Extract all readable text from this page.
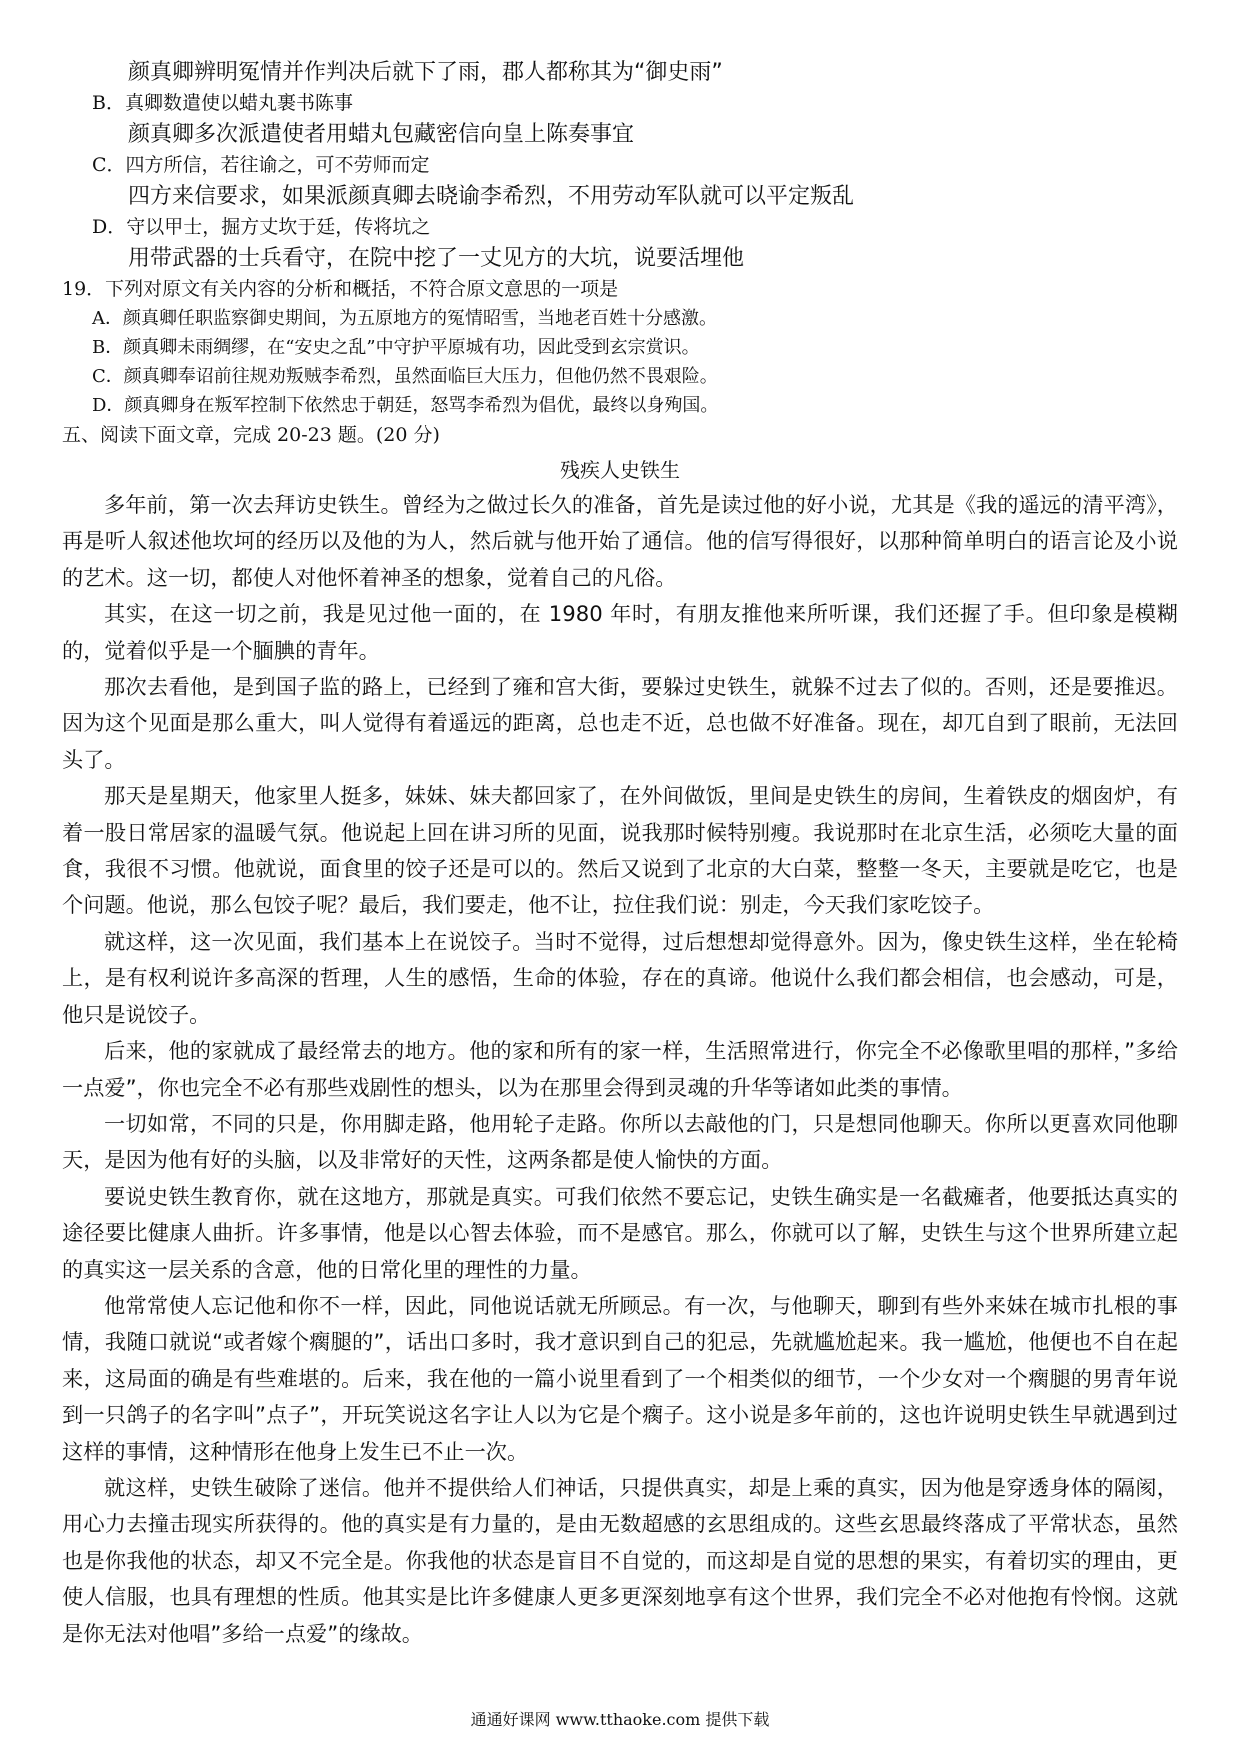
颜真卿辨明冤情并作判决后就下了雨，郡人都称其为“御史雨”
B．真卿数遣使以蜡丸裹书陈事
颜真卿多次派遣使者用蜡丸包藏密信向皇上陈奏事宜
C．四方所信，若往谕之，可不劳师而定
四方来信要求，如果派颜真卿去晓谕李希烈，不用劳动军队就可以平定叛乱
D．守以甲士，掘方丈坎于廷，传将坑之
用带武器的士兵看守，在院中挖了一丈见方的大坑，说要活埋他
19．下列对原文有关内容的分析和概括，不符合原文意思的一项是
A．颜真卿任职监察御史期间，为五原地方的冤情昭雪，当地老百姓十分感激。
B．颜真卿未雨绸缪，在“安史之乱”中守护平原城有功，因此受到玄宗赏识。
C．颜真卿奉诏前往规劝叛贼李希烈，虽然面临巨大压力，但他仍然不畏艰险。
D．颜真卿身在叛军控制下依然忠于朝廷，怒骂李希烈为倡优，最终以身殉国。
五、阅读下面文章，完成 20-23 题。(20 分)
残疾人史铁生

多年前，第一次去拜访史铁生。曾经为之做过长久的准备，首先是读过他的好小说，尤其是《我的遥远的清平湾》，再是听人叙述他坎坷的经历以及他的为人，然后就与他开始了通信。他的信写得很好，以那种简单明白的语言论及小说的艺术。这一切，都使人对他怀着神圣的想象，觉着自己的凡俗。

其实，在这一切之前，我是见过他一面的，在 1980 年时，有朋友推他来所听课，我们还握了手。但印象是模糊的，觉着似乎是一个腼腆的青年。

那次去看他，是到国子监的路上，已经到了雍和宫大街，要躲过史铁生，就躲不过去了似的。否则，还是要推迟。因为这个见面是那么重大，叫人觉得有着遥远的距离，总也走不近，总也做不好准备。现在，却兀自到了眼前，无法回头了。

那天是星期天，他家里人挺多，妹妹、妹夫都回家了，在外间做饭，里间是史铁生的房间，生着铁皮的烟囱炉，有着一股日常居家的温暖气氛。他说起上回在讲习所的见面，说我那时候特别瘦。我说那时在北京生活，必须吃大量的面食，我很不习惯。他就说，面食里的饺子还是可以的。然后又说到了北京的大白菜，整整一冬天，主要就是吃它，也是个问题。他说，那么包饺子呢？最后，我们要走，他不让，拉住我们说：别走，今天我们家吃饺子。

就这样，这一次见面，我们基本上在说饺子。当时不觉得，过后想想却觉得意外。因为，像史铁生这样，坐在轮椅上，是有权利说许多高深的哲理，人生的感悟，生命的体验，存在的真谛。他说什么我们都会相信，也会感动，可是，他只是说饺子。

后来，他的家就成了最经常去的地方。他的家和所有的家一样，生活照常进行，你完全不必像歌里唱的那样，”多给一点爱”，你也完全不必有那些戏剧性的想头，以为在那里会得到灵魂的升华等诸如此类的事情。

一切如常，不同的只是，你用脚走路，他用轮子走路。你所以去敲他的门，只是想同他聊天。你所以更喜欢同他聊天，是因为他有好的头脑，以及非常好的天性，这两条都是使人愉快的方面。

要说史铁生教育你，就在这地方，那就是真实。可我们依然不要忘记，史铁生确实是一名截瘫者，他要抵达真实的途径要比健康人曲折。许多事情，他是以心智去体验，而不是感官。那么，你就可以了解，史铁生与这个世界所建立起的真实这一层关系的含意，他的日常化里的理性的力量。

他常常使人忘记他和你不一样，因此，同他说话就无所顾忌。有一次，与他聊天，聊到有些外来妹在城市扎根的事情，我随口就说“或者嫁个瘸腿的”，话出口多时，我才意识到自己的犯忌，先就尴尬起来。我一尴尬，他便也不自在起来，这局面的确是有些难堪的。后来，我在他的一篇小说里看到了一个相类似的细节，一个少女对一个瘸腿的男青年说到一只鸽子的名字叫”点子”，开玩笑说这名字让人以为它是个瘸子。这小说是多年前的，这也许说明史铁生早就遇到过这样的事情，这种情形在他身上发生已不止一次。

就这样，史铁生破除了迷信。他并不提供给人们神话，只提供真实，却是上乘的真实，因为他是穿透身体的隔阂，用心力去撞击现实所获得的。他的真实是有力量的，是由无数超感的玄思组成的。这些玄思最终落成了平常状态，虽然也是你我他的状态，却又不完全是。你我他的状态是盲目不自觉的，而这却是自觉的思想的果实，有着切实的理由，更使人信服，也具有理想的性质。他其实是比许多健康人更多更深刻地享有这个世界，我们完全不必对他抱有怜悯。这就是你无法对他唱”多给一点爱”的缘故。

通通好课网 www.tthaoke.com 提供下载
